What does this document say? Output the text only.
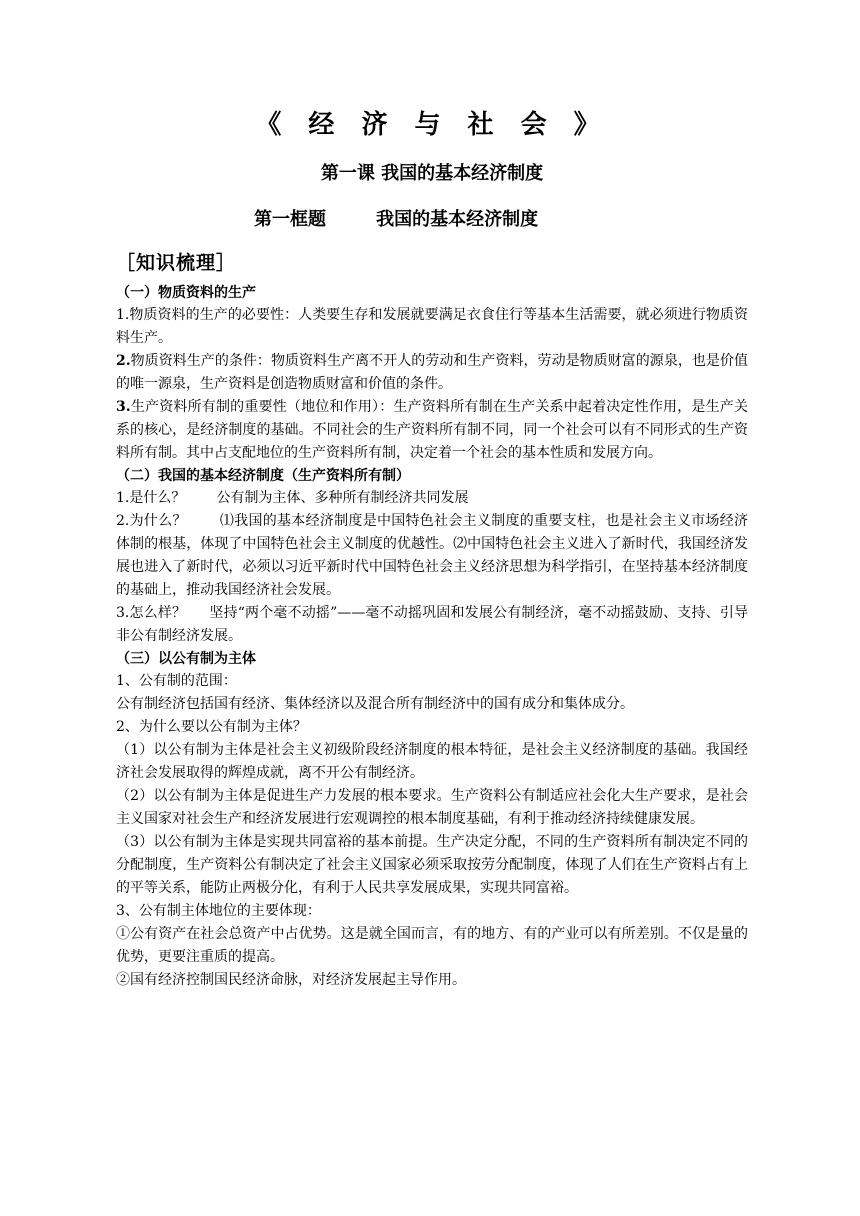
《 经 济 与 社 会 》
第一课 我国的基本经济制度
第一框题        我国的基本经济制度
［知识梳理］
（一）物质资料的生产

1.物质资料的生产的必要性：人类要生存和发展就要满足衣食住行等基本生活需要，就必须进行物质资料生产。

2.物质资料生产的条件：物质资料生产离不开人的劳动和生产资料，劳动是物质财富的源泉，也是价值的唯一源泉，生产资料是创造物质财富和价值的条件。

3.生产资料所有制的重要性（地位和作用）：生产资料所有制在生产关系中起着决定性作用，是生产关系的核心，是经济制度的基础。不同社会的生产资料所有制不同，同一个社会可以有不同形式的生产资料所有制。其中占支配地位的生产资料所有制，决定着一个社会的基本性质和发展方向。

（二）我国的基本经济制度（生产资料所有制）

1.是什么？       公有制为主体、多种所有制经济共同发展

2.为什么？       ⑴我国的基本经济制度是中国特色社会主义制度的重要支柱，也是社会主义市场经济体制的根基，体现了中国特色社会主义制度的优越性。⑵中国特色社会主义进入了新时代，我国经济发展也进入了新时代，必须以习近平新时代中国特色社会主义经济思想为科学指引，在坚持基本经济制度的基础上，推动我国经济社会发展。

3.怎么样？     坚持“两个毫不动摇”——毫不动摇巩固和发展公有制经济，毫不动摇鼓励、支持、引导非公有制经济发展。

（三）以公有制为主体

1、公有制的范围：

公有制经济包括国有经济、集体经济以及混合所有制经济中的国有成分和集体成分。

2、为什么要以公有制为主体？

（1）以公有制为主体是社会主义初级阶段经济制度的根本特征，是社会主义经济制度的基础。我国经济社会发展取得的辉煌成就，离不开公有制经济。

（2）以公有制为主体是促进生产力发展的根本要求。生产资料公有制适应社会化大生产要求，是社会主义国家对社会生产和经济发展进行宏观调控的根本制度基础，有利于推动经济持续健康发展。

（3）以公有制为主体是实现共同富裕的基本前提。生产决定分配，不同的生产资料所有制决定不同的分配制度，生产资料公有制决定了社会主义国家必须采取按劳分配制度，体现了人们在生产资料占有上的平等关系，能防止两极分化，有利于人民共享发展成果，实现共同富裕。

3、公有制主体地位的主要体现：

①公有资产在社会总资产中占优势。这是就全国而言，有的地方、有的产业可以有所差别。不仅是量的优势，更要注重质的提高。

②国有经济控制国民经济命脉，对经济发展起主导作用。
